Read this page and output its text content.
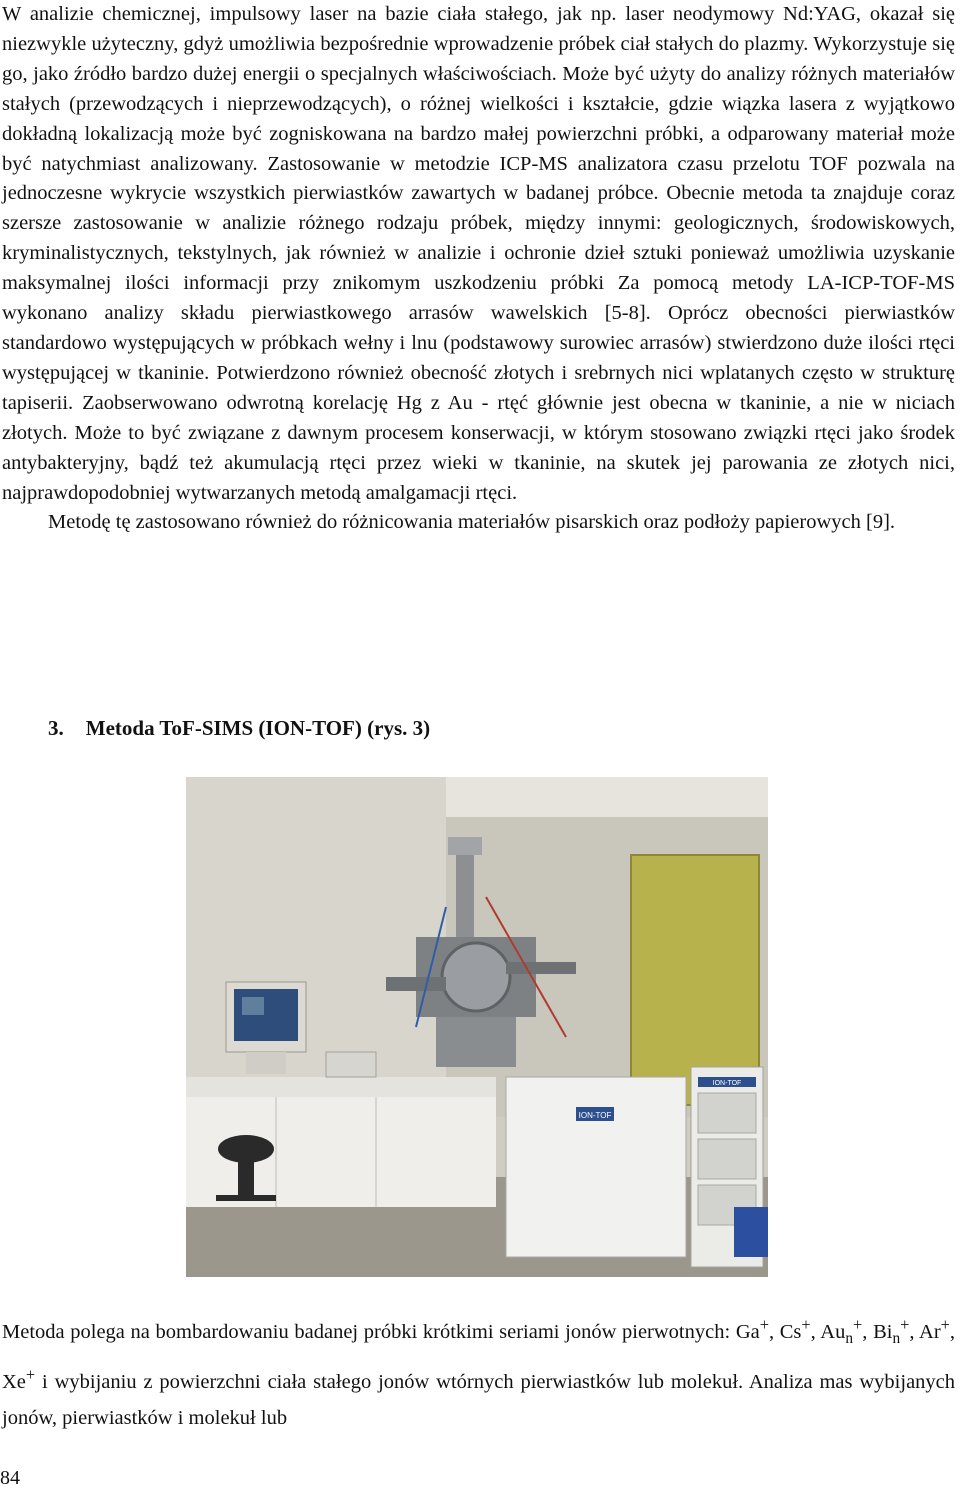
W analizie chemicznej, impulsowy laser na bazie ciała stałego, jak np. laser neodymowy Nd:YAG, okazał się niezwykle użyteczny, gdyż umożliwia bezpośrednie wprowadzenie próbek ciał stałych do plazmy. Wykorzystuje się go, jako źródło bardzo dużej energii o specjalnych właściwościach. Może być użyty do analizy różnych materiałów stałych (przewodzących i nieprzewodzących), o różnej wielkości i kształcie, gdzie wiązka lasera z wyjątkowo dokładną lokalizacją może być zogniskowana na bardzo małej powierzchni próbki, a odparowany materiał może być natychmiast analizowany. Zastosowanie w metodzie ICP-MS analizatora czasu przelotu TOF pozwala na jednoczesne wykrycie wszystkich pierwiastków zawartych w badanej próbce. Obecnie metoda ta znajduje coraz szersze zastosowanie w analizie różnego rodzaju próbek, między innymi: geologicznych, środowiskowych, kryminalistycznych, tekstylnych, jak również w analizie i ochronie dzieł sztuki ponieważ umożliwia uzyskanie maksymalnej ilości informacji przy znikomym uszkodzeniu próbki Za pomocą metody LA-ICP-TOF-MS wykonano analizy składu pierwiastkowego arrasów wawelskich [5-8]. Oprócz obecności pierwiastków standardowo występujących w próbkach wełny i lnu (podstawowy surowiec arrasów) stwierdzono duże ilości rtęci występującej w tkaninie. Potwierdzono również obecność złotych i srebrnych nici wplatanych często w strukturę tapiserii. Zaobserwowano odwrotną korelację Hg z Au - rtęć głównie jest obecna w tkaninie, a nie w niciach złotych. Może to być związane z dawnym procesem konserwacji, w którym stosowano związki rtęci jako środek antybakteryjny, bądź też akumulacją rtęci przez wieki w tkaninie, na skutek jej parowania ze złotych nici, najprawdopodobniej wytwarzanych metodą amalgamacji rtęci.

Metodę tę zastosowano również do różnicowania materiałów pisarskich oraz podłoży papierowych [9].

3. Metoda ToF-SIMS (ION-TOF) (rys. 3)
ION-TOF
ION-TOF

Metoda polega na bombardowaniu badanej próbki krótkimi seriami jonów pierwotnych: Ga+, Cs+, $Au_n^+$, $Bi_n^+$, Ar+, Xe+ i wybijaniu z powierzchni ciała stałego jonów wtórnych pierwiastków lub molekuł. Analiza mas wybijanych jonów, pierwiastków i molekuł lub

84
